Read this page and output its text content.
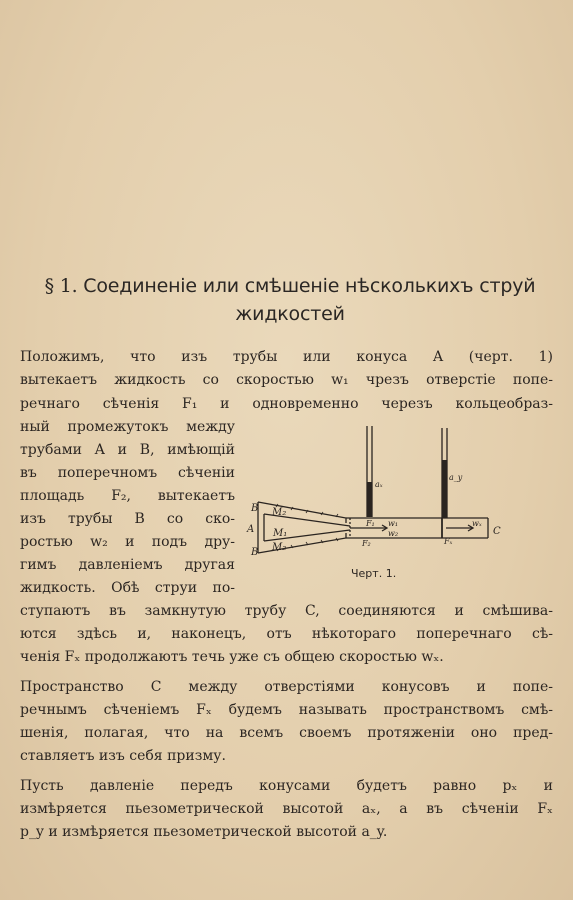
§ 1. Соединеніе или смѣшеніе нѣсколькихъ струй
жидкостей
Положимъ, что изъ трубы или конуса A (черт. 1)
вытекаетъ жидкость со скоростью w₁ чрезъ отверстіе попе-
речнаго сѣченія F₁ и одновременно черезъ кольцеобраз-
ный промежутокъ между
трубами A и B, имѣющій
въ поперечномъ сѣченіи
площадь F₂, вытекаетъ
изъ трубы B со ско-
ростью w₂ и подъ дру-
гимъ давленіемъ другая
жидкость. Обѣ струи по-
ступаютъ въ замкнутую трубу C, соединяются и смѣшива-
ются здѣсь и, наконецъ, отъ нѣкотораго поперечнаго сѣ-
ченія Fₓ продолжаютъ течь уже съ общею скоростью wₓ.
Пространство C между отверстіями конусовъ и попе-
речнымъ сѣченіемъ Fₓ будемъ называть пространствомъ смѣ-
шенія, полагая, что на всемъ своемъ протяженіи оно пред-
ставляетъ изъ себя призму.
Пусть давленіе передъ конусами будетъ равно pₓ и
измѣряется пьезометрической высотой aₓ, а въ сѣченіи Fₓ
p_y и измѣряется пьезометрической высотой a_y.
A
B
B
M₁
M₂
M₂
F₁
F₂
w₁
w₂
Fₓ
wₓ
aₓ
a_y
C
Черт. 1.
